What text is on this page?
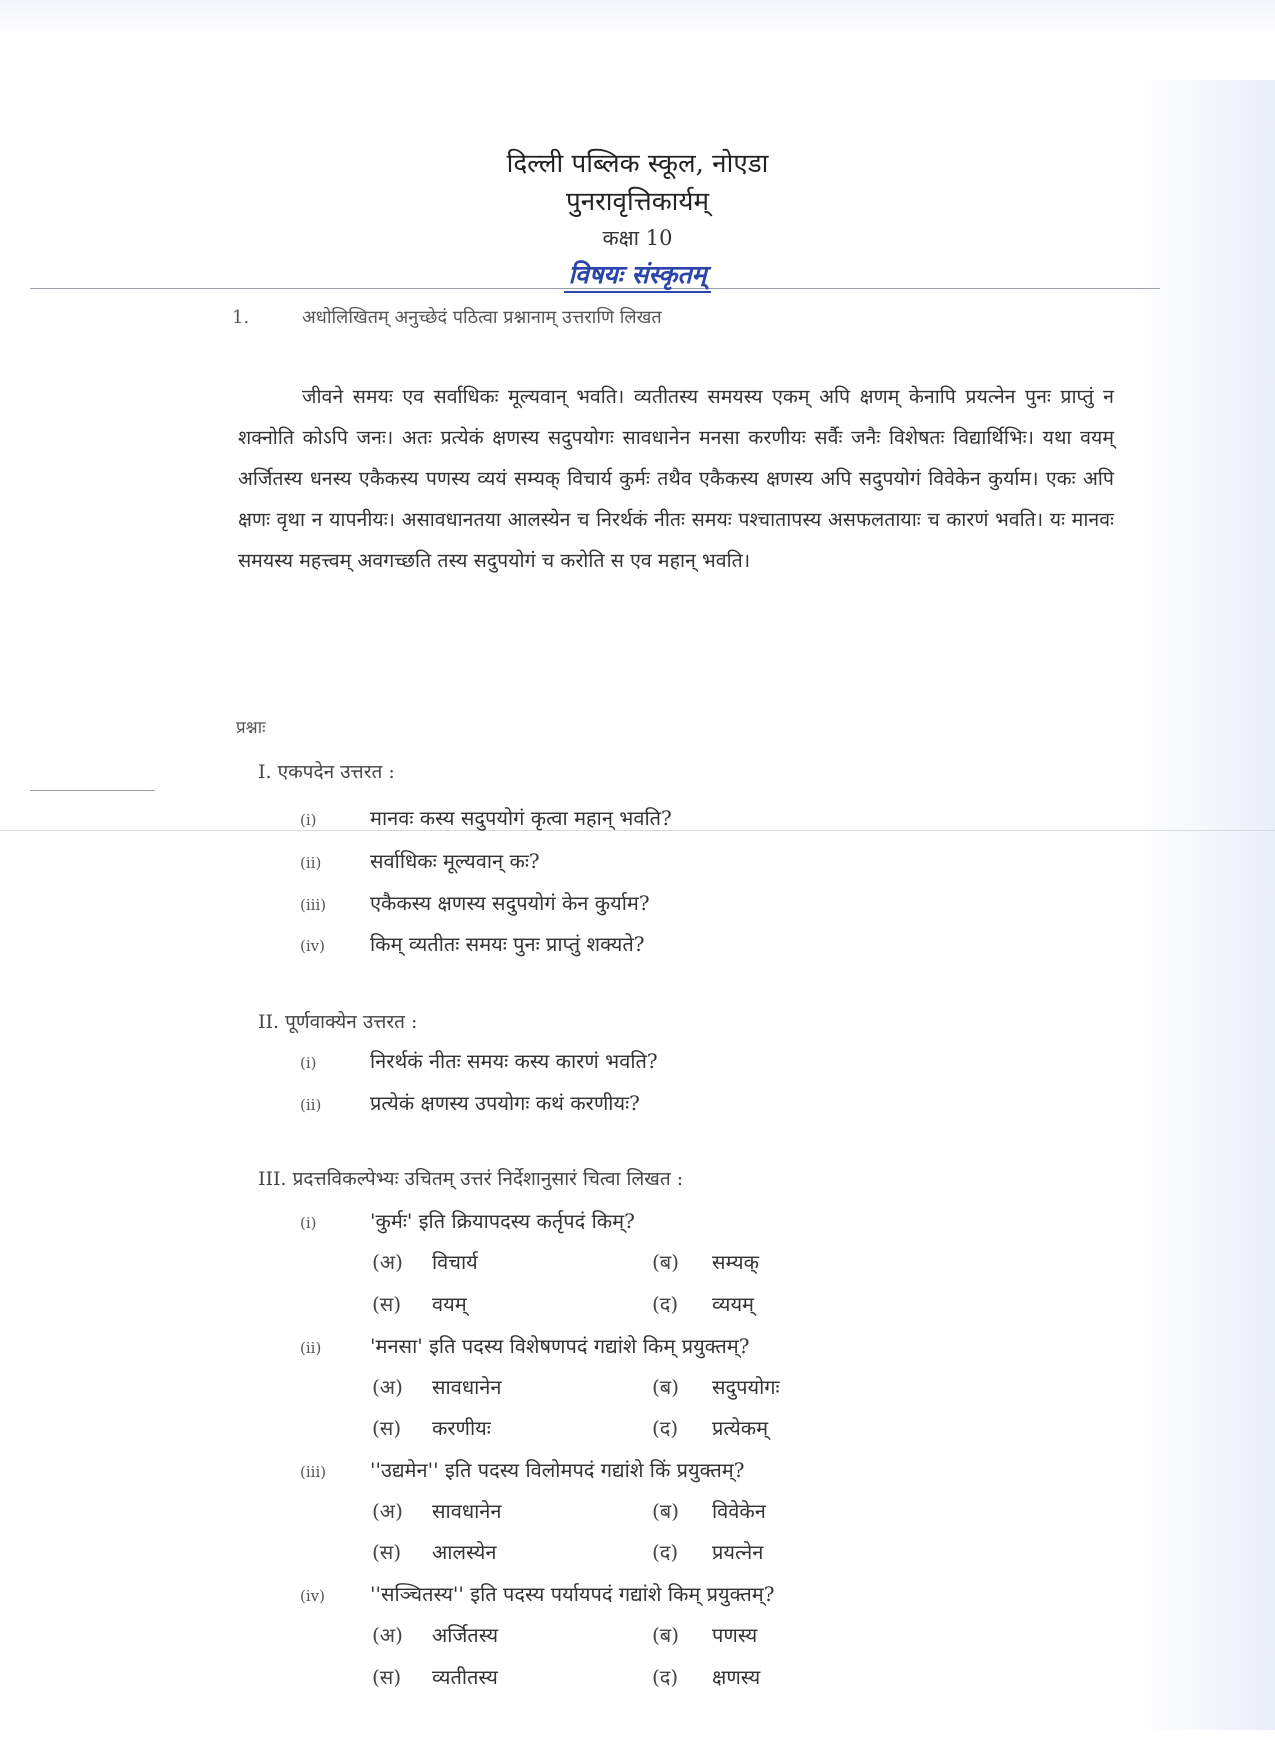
दिल्ली पब्लिक स्कूल, नोएडा
पुनरावृत्तिकार्यम्
कक्षा 10
विषयः संस्कृतम्
1.	अधोलिखितम् अनुच्छेदं पठित्वा प्रश्नानाम् उत्तराणि लिखत
जीवने समयः एव सर्वाधिकः मूल्यवान् भवति। व्यतीतस्य समयस्य एकम् अपि क्षणम् केनापि प्रयत्नेन पुनः प्राप्तुं न शक्नोति कोऽपि जनः। अतः प्रत्येकं क्षणस्य सदुपयोगः सावधानेन मनसा करणीयः सर्वैः जनैः विशेषतः विद्यार्थिभिः। यथा वयम् अर्जितस्य धनस्य एकैकस्य पणस्य व्ययं सम्यक् विचार्य कुर्मः तथैव एकैकस्य क्षणस्य अपि सदुपयोगं विवेकेन कुर्याम। एकः अपि क्षणः वृथा न यापनीयः। असावधानतया आलस्येन च निरर्थकं नीतः समयः पश्चातापस्य असफलतायाः च कारणं भवति। यः मानवः समयस्य महत्त्वम् अवगच्छति तस्य सदुपयोगं च करोति स एव महान् भवति।
प्रश्नाः
I. एकपदेन उत्तरत :
(i)	मानवः कस्य सदुपयोगं कृत्वा महान् भवति?
(ii) सर्वाधिकः मूल्यवान् कः?
(iii) एकैकस्य क्षणस्य सदुपयोगं केन कुर्याम?
(iv) किम् व्यतीतः समयः पुनः प्राप्तुं शक्यते?
II. पूर्णवाक्येन उत्तरत :
(i)	निरर्थकं नीतः समयः कस्य कारणं भवति?
(ii) प्रत्येकं क्षणस्य उपयोगः कथं करणीयः?
III. प्रदत्तविकल्पेभ्यः उचितम् उत्तरं निर्देशानुसारं चित्वा लिखत :
(i)	'कुर्मः' इति क्रियापदस्य कर्तृपदं किम्?
(अ) विचार्य	(ब) सम्यक्
(स) वयम्	(द) व्ययम्
(ii) 'मनसा' इति पदस्य विशेषणपदं गद्यांशे किम् प्रयुक्तम्?
(अ) सावधानेन	(ब) सदुपयोगः
(स) करणीयः	(द) प्रत्येकम्
(iii) ''उद्यमेन'' इति पदस्य विलोमपदं गद्यांशे किं प्रयुक्तम्?
(अ) सावधानेन	(ब) विवेकेन
(स) आलस्येन	(द) प्रयत्नेन
(iv) ''सञ्चितस्य'' इति पदस्य पर्यायपदं गद्यांशे किम् प्रयुक्तम्?
(अ) अर्जितस्य	(ब) पणस्य
(स) व्यतीतस्य	(द) क्षणस्य
